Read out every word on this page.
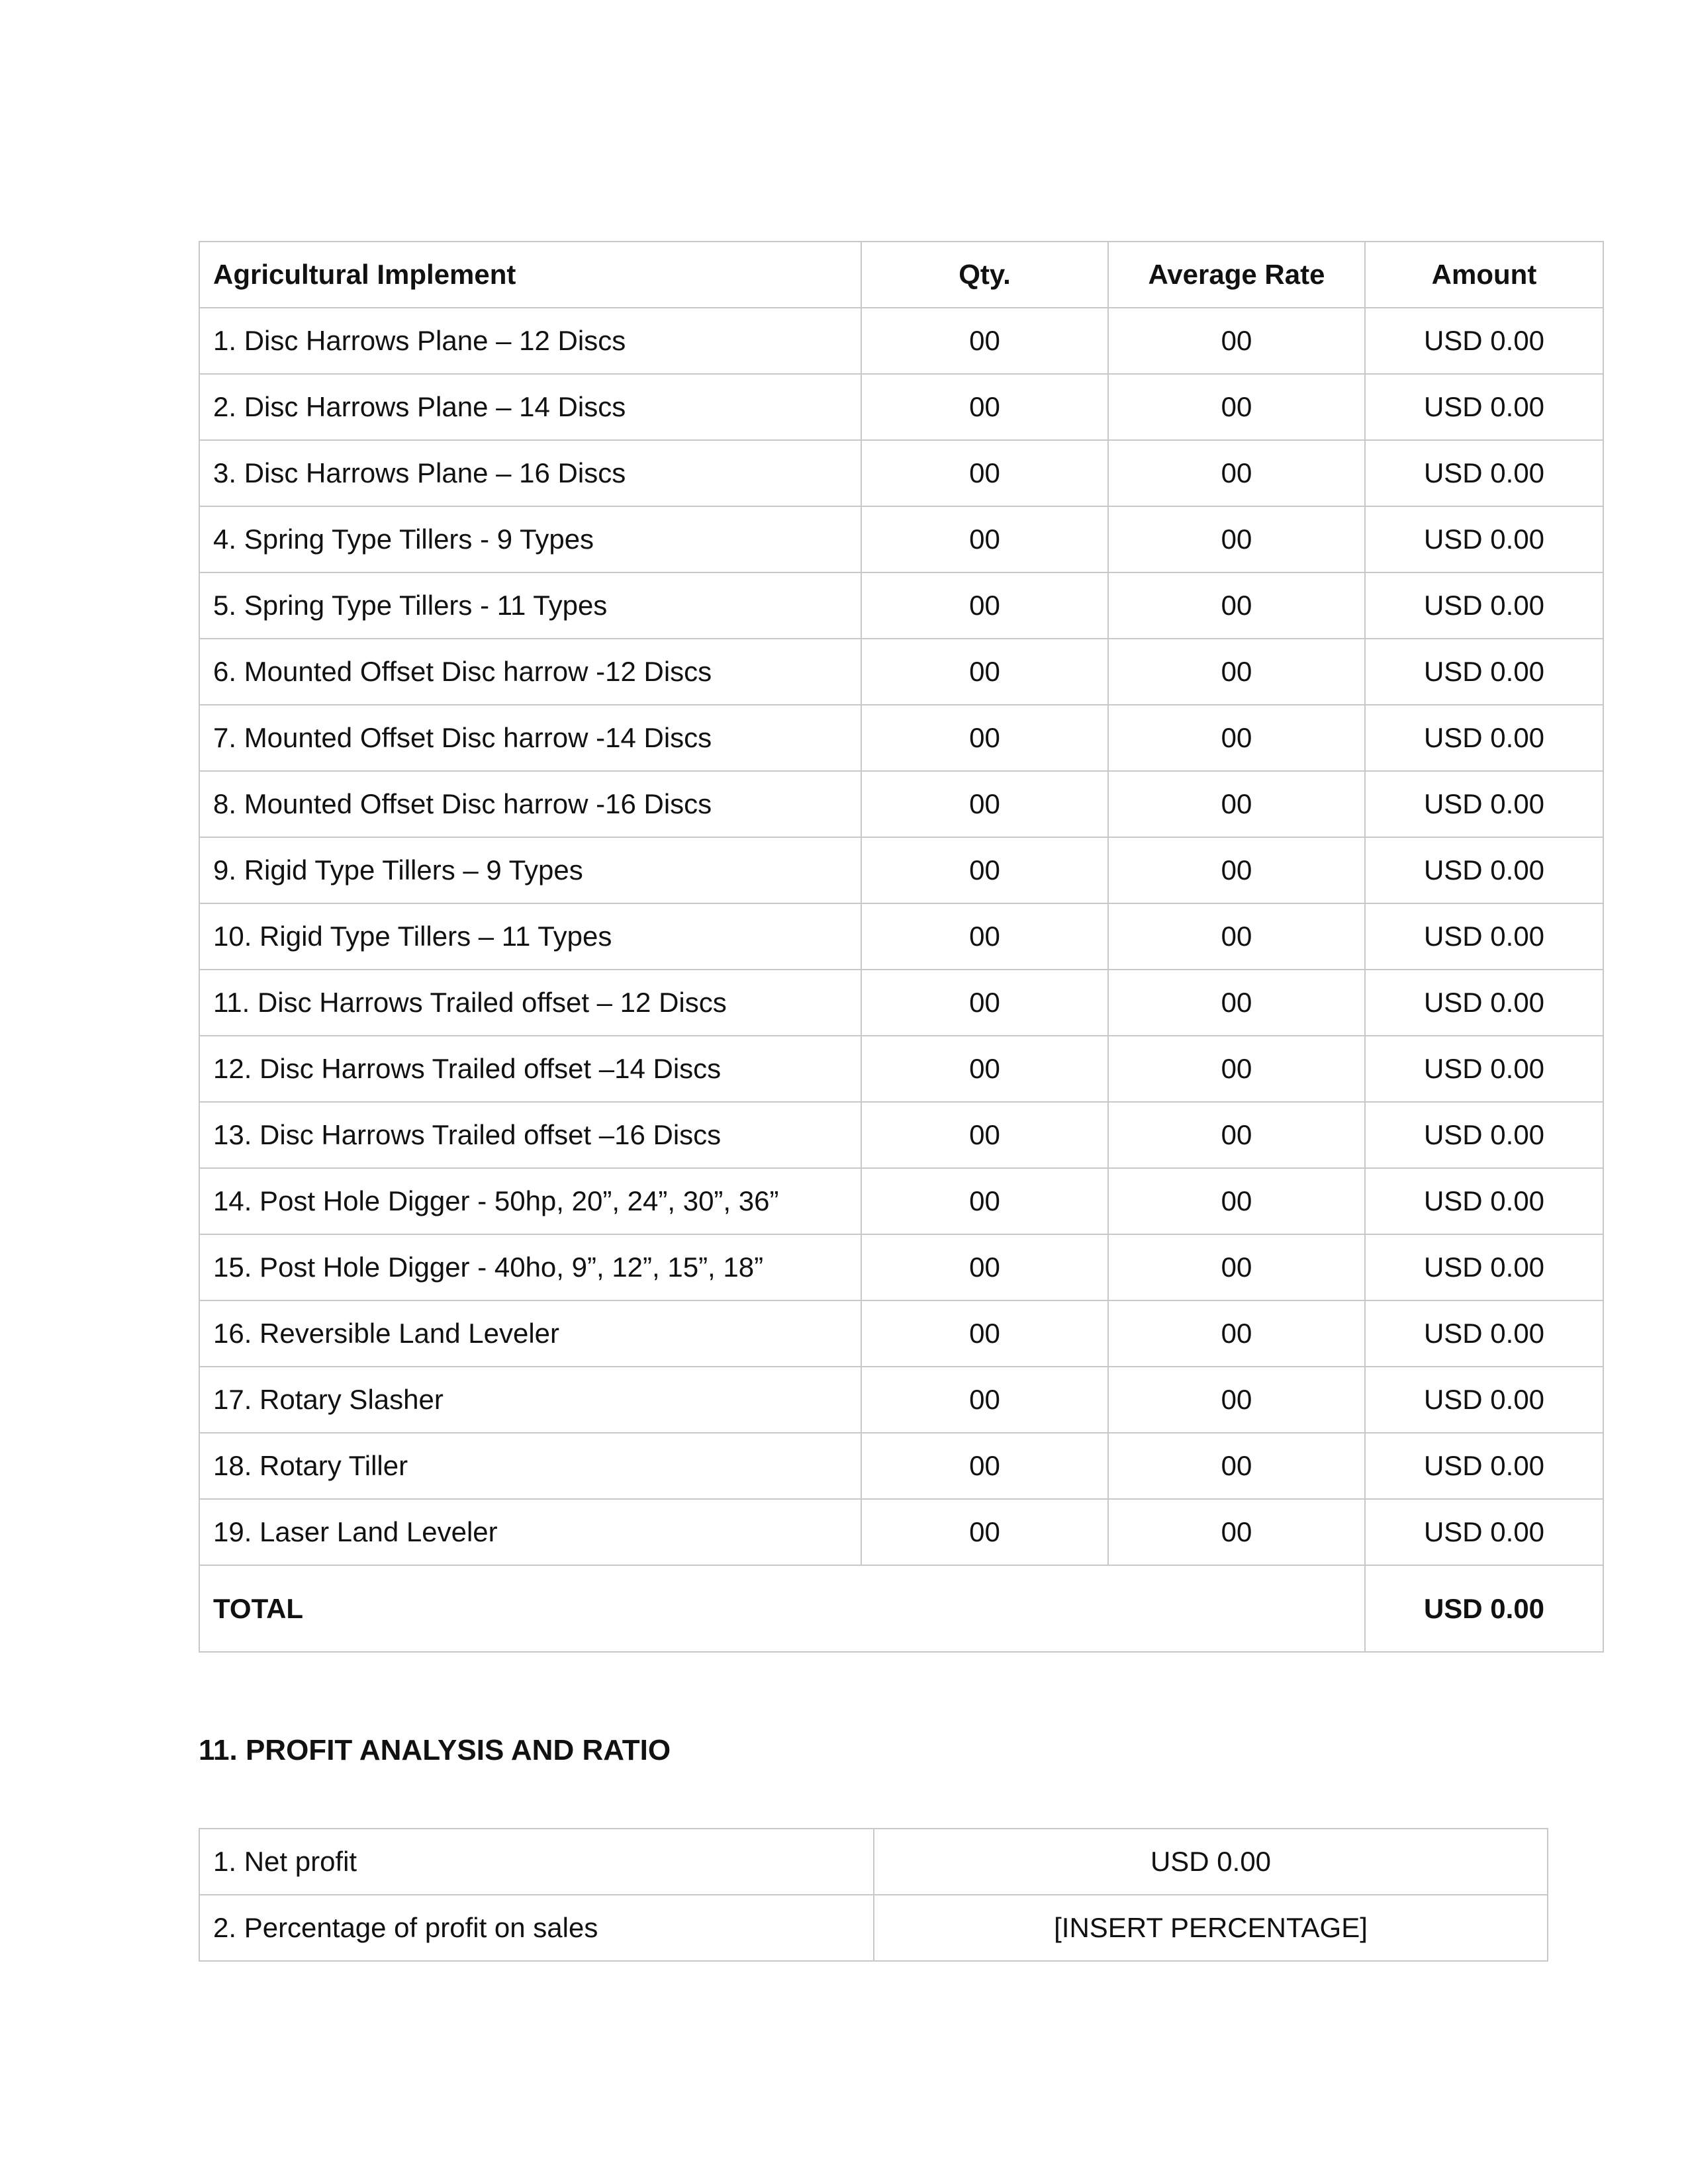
Agricultural Implement	Qty.	Average Rate	Amount
1. Disc Harrows Plane – 12 Discs	00	00	USD 0.00
2. Disc Harrows Plane – 14 Discs	00	00	USD 0.00
3. Disc Harrows Plane – 16 Discs	00	00	USD 0.00
4. Spring Type Tillers - 9 Types	00	00	USD 0.00
5. Spring Type Tillers - 11 Types	00	00	USD 0.00
6. Mounted Offset Disc harrow -12 Discs	00	00	USD 0.00
7. Mounted Offset Disc harrow -14 Discs	00	00	USD 0.00
8. Mounted Offset Disc harrow -16 Discs	00	00	USD 0.00
9. Rigid Type Tillers – 9 Types	00	00	USD 0.00
10. Rigid Type Tillers – 11 Types	00	00	USD 0.00
11. Disc Harrows Trailed offset – 12 Discs	00	00	USD 0.00
12. Disc Harrows Trailed offset –14 Discs	00	00	USD 0.00
13. Disc Harrows Trailed offset –16 Discs	00	00	USD 0.00
14. Post Hole Digger - 50hp, 20”, 24”, 30”, 36”	00	00	USD 0.00
15. Post Hole Digger - 40ho, 9”, 12”, 15”, 18”	00	00	USD 0.00
16. Reversible Land Leveler	00	00	USD 0.00
17. Rotary Slasher	00	00	USD 0.00
18. Rotary Tiller	00	00	USD 0.00
19. Laser Land Leveler	00	00	USD 0.00
TOTAL			USD 0.00
11. PROFIT ANALYSIS AND RATIO
1. Net profit	USD 0.00
2. Percentage of profit on sales	[INSERT PERCENTAGE]
